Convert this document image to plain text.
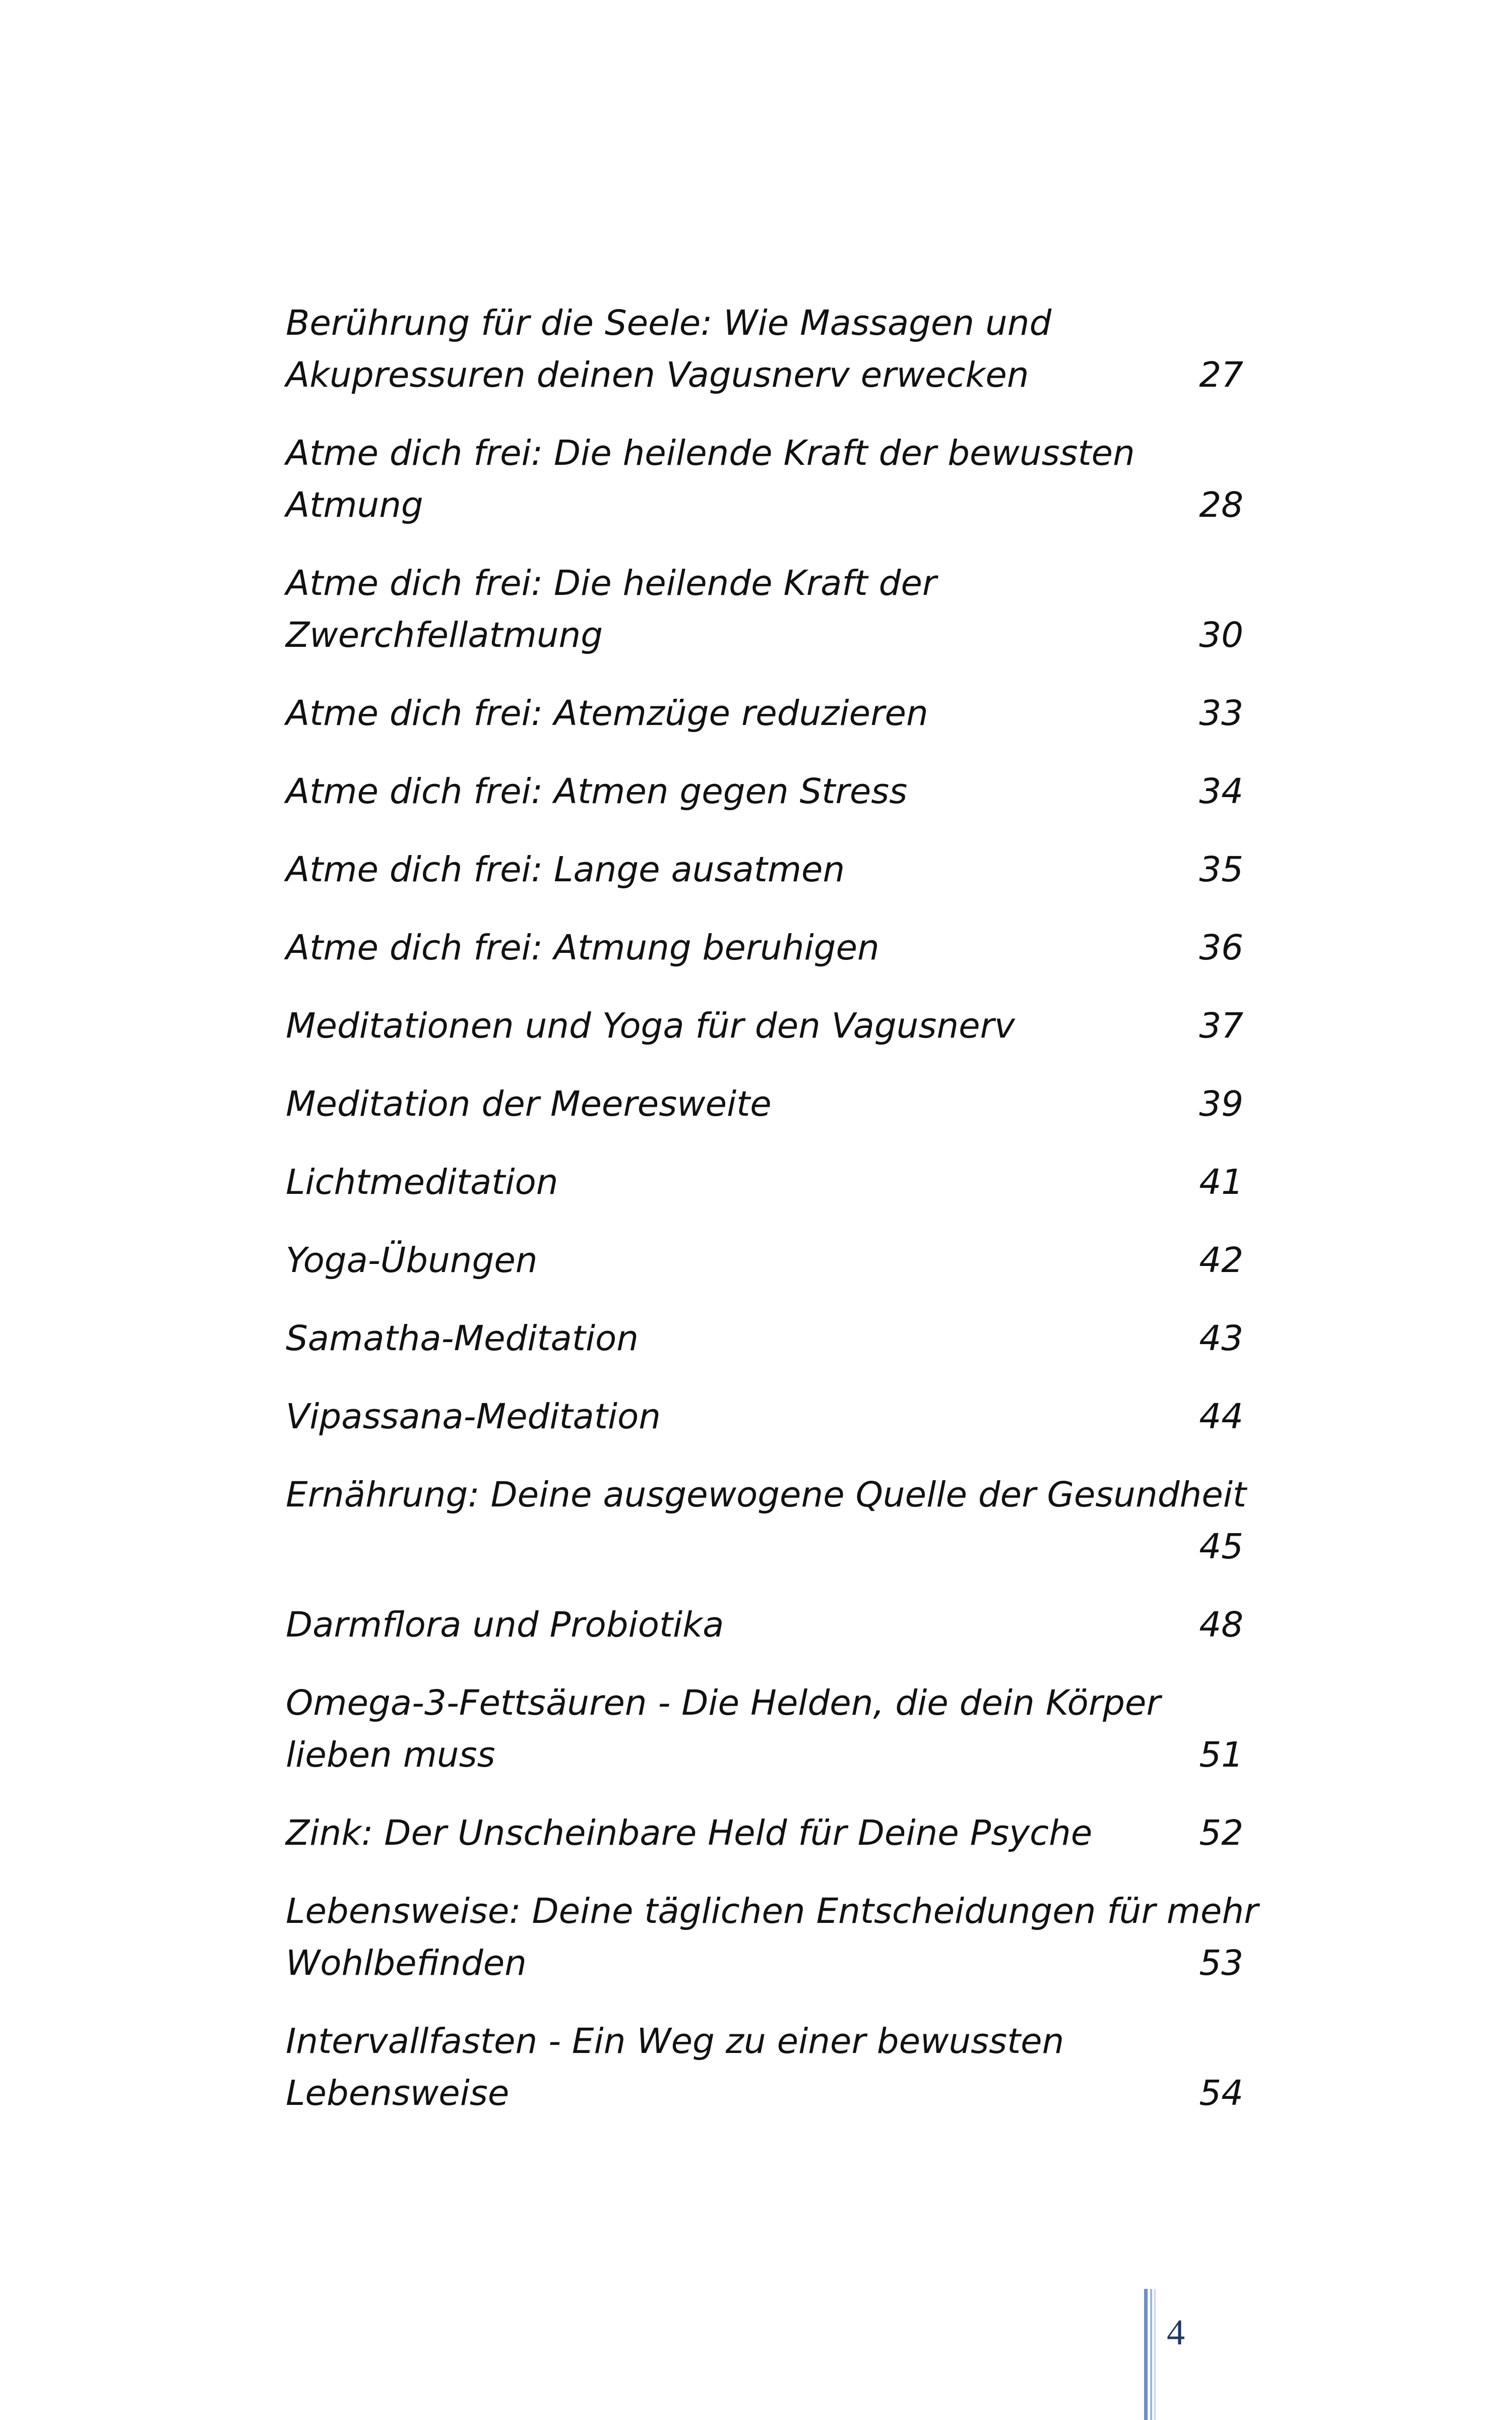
Berührung für die Seele: Wie Massagen und
Akupressuren deinen Vagusnerv erwecken	27
Atme dich frei: Die heilende Kraft der bewussten
Atmung	28
Atme dich frei: Die heilende Kraft der
Zwerchfellatmung	30
Atme dich frei: Atemzüge reduzieren	33
Atme dich frei: Atmen gegen Stress	34
Atme dich frei: Lange ausatmen	35
Atme dich frei: Atmung beruhigen	36
Meditationen und Yoga für den Vagusnerv	37
Meditation der Meeresweite	39
Lichtmeditation	41
Yoga-Übungen	42
Samatha-Meditation	43
Vipassana-Meditation	44
Ernährung: Deine ausgewogene Quelle der Gesundheit
45
Darmflora und Probiotika	48
Omega-3-Fettsäuren - Die Helden, die dein Körper
lieben muss	51
Zink: Der Unscheinbare Held für Deine Psyche	52
Lebensweise: Deine täglichen Entscheidungen für mehr
Wohlbefinden	53
Intervallfasten - Ein Weg zu einer bewussten
Lebensweise	54
4
